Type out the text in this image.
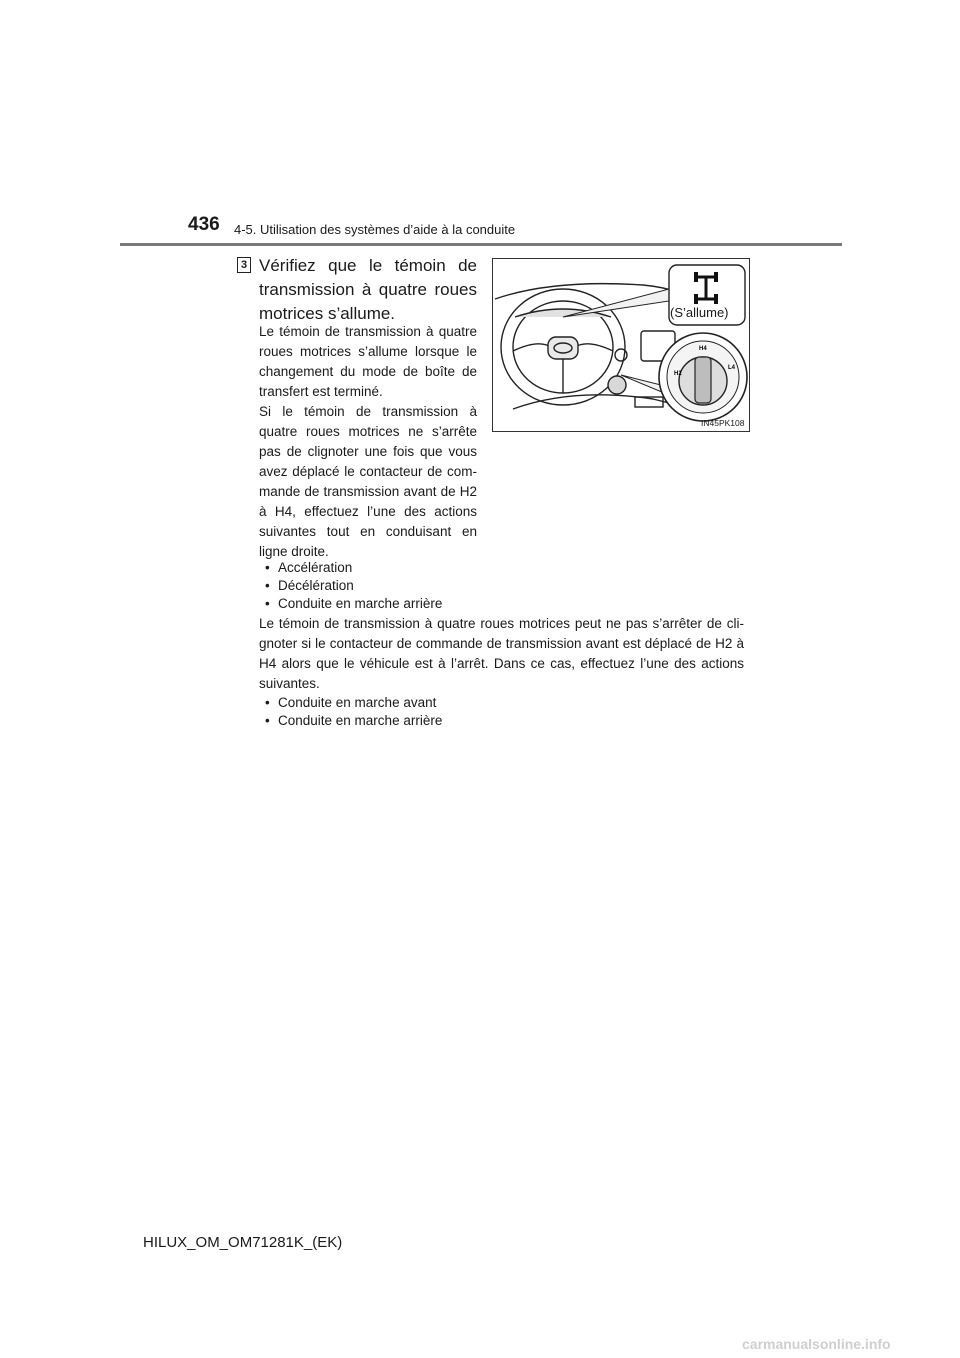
436 4-5. Utilisation des systèmes d’aide à la conduite
3 Vérifiez que le témoin de transmission à quatre roues motrices s’allume.

Le témoin de transmission à quatre roues motrices s’allume lorsque le changement du mode de boîte de transfert est terminé.

Si le témoin de transmission à quatre roues motrices ne s’arrête pas de clignoter une fois que vous avez déplacé le contacteur de commande de transmission avant de H2 à H4, effectuez l’une des actions suivantes tout en conduisant en ligne droite.

• Accélération
• Décélération
• Conduite en marche arrière

Le témoin de transmission à quatre roues motrices peut ne pas s’arrêter de clignoter si le contacteur de commande de transmission avant est déplacé de H2 à H4 alors que le véhicule est à l’arrêt. Dans ce cas, effectuez l’une des actions suivantes.

• Conduite en marche avant
• Conduite en marche arrière
H2
H4
L4
(S’allume)
IN45PK108
HILUX_OM_OM71281K_(EK)
carmanualsonline.info
